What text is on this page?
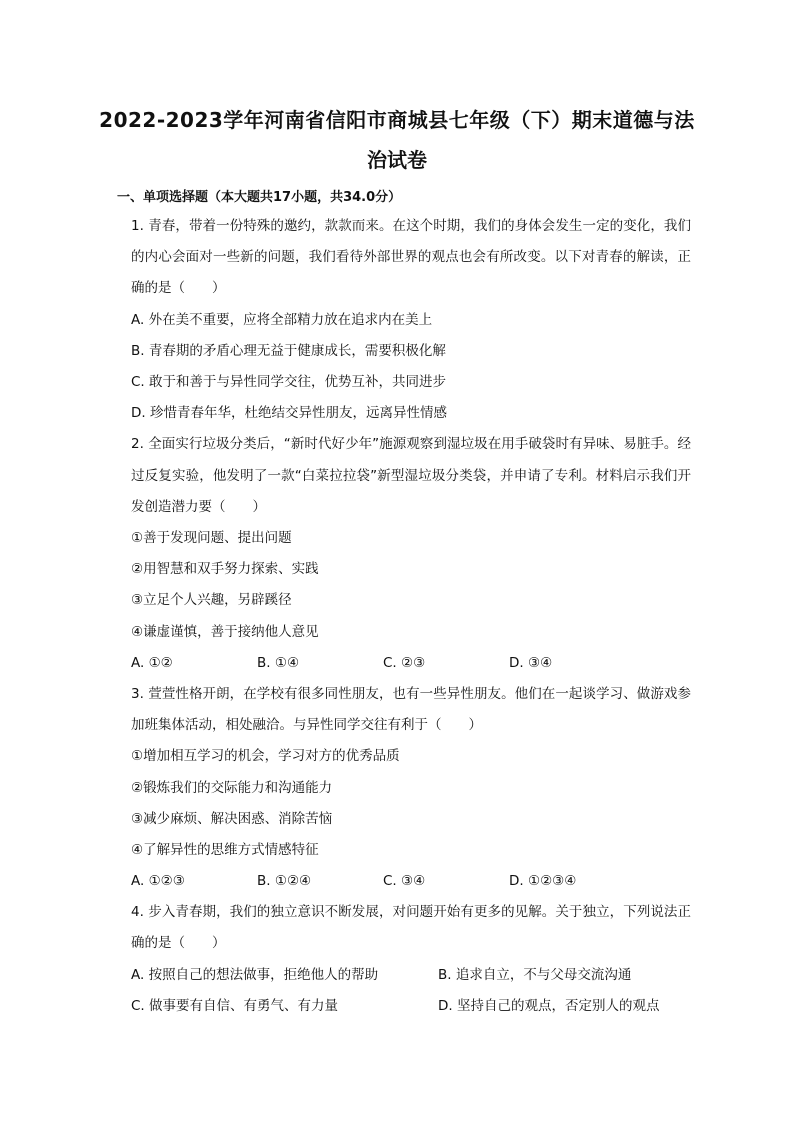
2022-2023学年河南省信阳市商城县七年级（下）期末道德与法
治试卷
一、单项选择题（本大题共17小题，共34.0分）
1. 青春，带着一份特殊的邀约，款款而来。在这个时期，我们的身体会发生一定的变化，我们的内心会面对一些新的问题，我们看待外部世界的观点也会有所改变。以下对青春的解读，正确的是（　　）
A. 外在美不重要，应将全部精力放在追求内在美上
B. 青春期的矛盾心理无益于健康成长，需要积极化解
C. 敢于和善于与异性同学交往，优势互补，共同进步
D. 珍惜青春年华，杜绝结交异性朋友，远离异性情感
2. 全面实行垃圾分类后，“新时代好少年”施源观察到湿垃圾在用手破袋时有异味、易脏手。经过反复实验，他发明了一款“白菜拉拉袋”新型湿垃圾分类袋，并申请了专利。材料启示我们开发创造潜力要（　　）
①善于发现问题、提出问题
②用智慧和双手努力探索、实践
③立足个人兴趣，另辟蹊径
④谦虚谨慎，善于接纳他人意见
A. ①②	B. ①④	C. ②③	D. ③④
3. 萱萱性格开朗，在学校有很多同性朋友，也有一些异性朋友。他们在一起谈学习、做游戏参加班集体活动，相处融洽。与异性同学交往有利于（　　）
①增加相互学习的机会，学习对方的优秀品质
②锻炼我们的交际能力和沟通能力
③减少麻烦、解决困惑、消除苦恼
④了解异性的思维方式情感特征
A. ①②③	B. ①②④	C. ③④	D. ①②③④
4. 步入青春期，我们的独立意识不断发展，对问题开始有更多的见解。关于独立，下列说法正确的是（　　）
A. 按照自己的想法做事，拒绝他人的帮助	B. 追求自立，不与父母交流沟通
C. 做事要有自信、有勇气、有力量	D. 坚持自己的观点，否定别人的观点
